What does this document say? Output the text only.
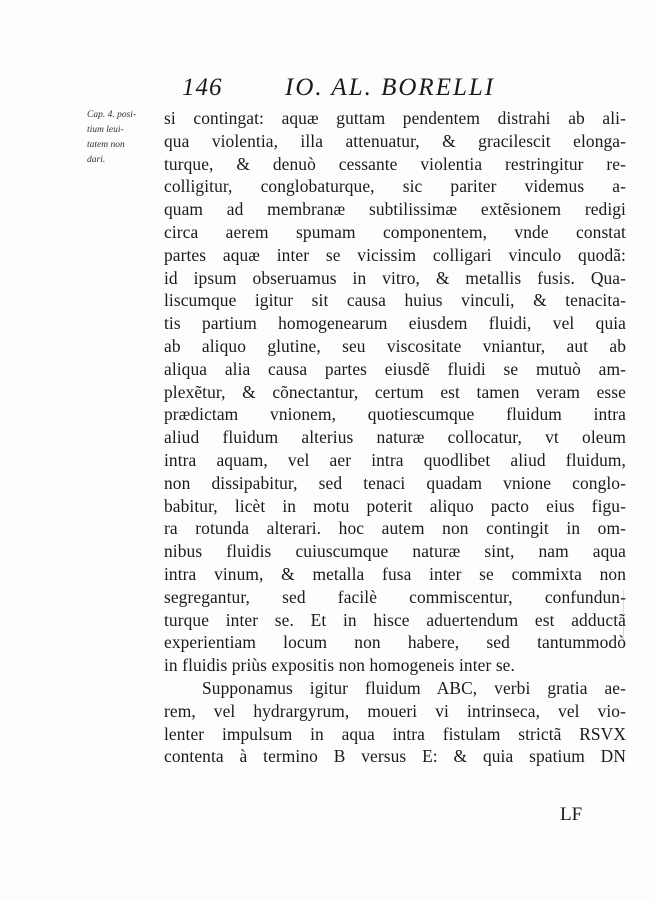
146	IO. AL. BORELLI
Cap. 4. posi-
tium leui-
tatem non
dari.
si contingat: aquæ guttam pendentem distrahi ab ali-
qua violentia, illa attenuatur, & gracilescit elonga-
turque, & denuò cessante violentia restringitur re-
colligitur, conglobaturque, sic pariter videmus a-
quam ad membranæ subtilissimæ extẽsionem redigi
circa aerem spumam componentem, vnde constat
partes aquæ inter se vicissim colligari vinculo quodã:
id ipsum obseruamus in vitro, & metallis fusis. Qua-
liscumque igitur sit causa huius vinculi, & tenacita-
tis partium homogenearum eiusdem fluidi, vel quia
ab aliquo glutine, seu viscositate vniantur, aut ab
aliqua alia causa partes eiusdẽ fluidi se mutuò am-
plexẽtur, & cõnectantur, certum est tamen veram esse
prædictam vnionem, quotiescumque fluidum intra
aliud fluidum alterius naturæ collocatur, vt oleum
intra aquam, vel aer intra quodlibet aliud fluidum,
non dissipabitur, sed tenaci quadam vnione conglo-
babitur, licèt in motu poterit aliquo pacto eius figu-
ra rotunda alterari. hoc autem non contingit in om-
nibus fluidis cuiuscumque naturæ sint, nam aqua
intra vinum, & metalla fusa inter se commixta non
segregantur, sed facilè commiscentur, confundun-
turque inter se. Et in hisce aduertendum est adductã
experientiam locum non habere, sed tantummodò
in fluidis priùs expositis non homogeneis inter se.
Supponamus igitur fluidum ABC, verbi gratia ae-
rem, vel hydrargyrum, moueri vi intrinseca, vel vio-
lenter impulsum in aqua intra fistulam strictã RSVX
contenta à termino B versus E: & quia spatium DN
LF
